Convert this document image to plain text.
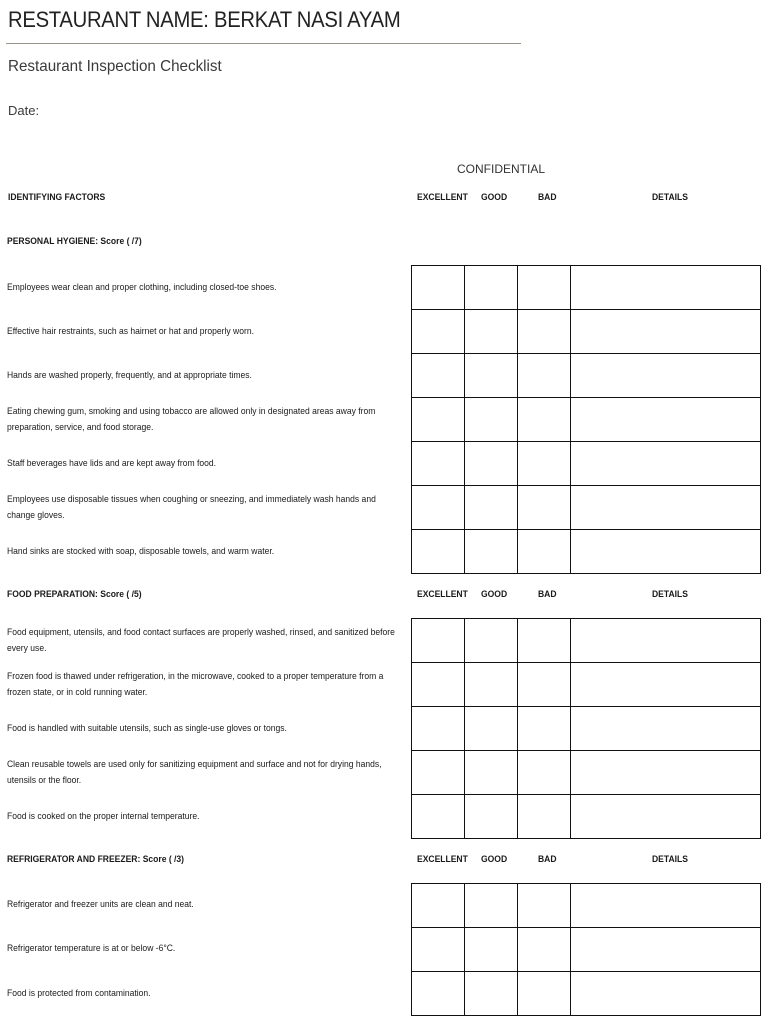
RESTAURANT NAME: BERKAT NASI AYAM
Restaurant Inspection Checklist
Date:
CONFIDENTIAL
IDENTIFYING FACTORS	EXCELLENT GOOD	BAD	DETAILS
PERSONAL HYGIENE: Score ( /7)
Employees wear clean and proper clothing, including closed-toe shoes.
Effective hair restraints, such as hairnet or hat and properly worn.
Hands are washed properly, frequently, and at appropriate times.
Eating chewing gum, smoking and using tobacco are allowed only in designated areas away from preparation, service, and food storage.
Staff beverages have lids and are kept away from food.
Employees use disposable tissues when coughing or sneezing, and immediately wash hands and change gloves.
Hand sinks are stocked with soap, disposable towels, and warm water.

FOOD PREPARATION: Score ( /5)	EXCELLENT GOOD	BAD	DETAILS
Food equipment, utensils, and food contact surfaces are properly washed, rinsed, and sanitized before every use.
Frozen food is thawed under refrigeration, in the microwave, cooked to a proper temperature from a frozen state, or in cold running water.
Food is handled with suitable utensils, such as single-use gloves or tongs.
Clean reusable towels are used only for sanitizing equipment and surface and not for drying hands, utensils or the floor.
Food is cooked on the proper internal temperature.

REFRIGERATOR AND FREEZER: Score ( /3)	EXCELLENT GOOD	BAD	DETAILS
Refrigerator and freezer units are clean and neat.
Refrigerator temperature is at or below -6°C.
Food is protected from contamination.
